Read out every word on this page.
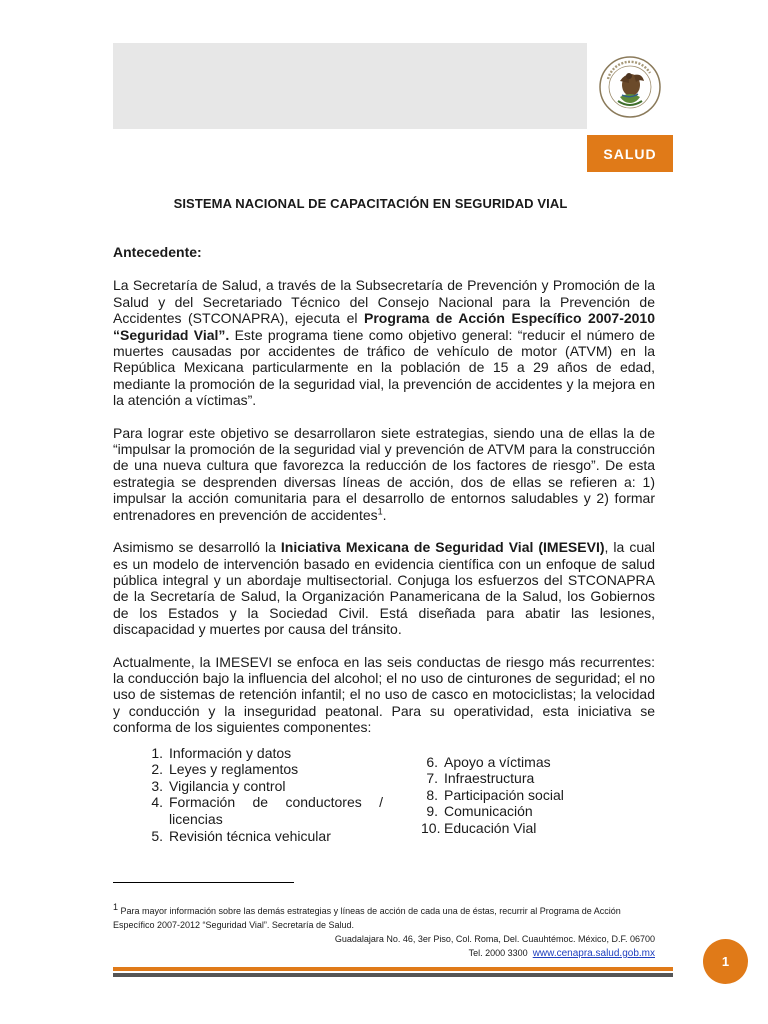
SALUD
SISTEMA NACIONAL DE CAPACITACIÓN EN SEGURIDAD VIAL
Antecedente:

La Secretaría de Salud, a través de la Subsecretaría de Prevención y Promoción de la Salud y del Secretariado Técnico del Consejo Nacional para la Prevención de Accidentes (STCONAPRA), ejecuta el Programa de Acción Específico 2007-2010 “Seguridad Vial”. Este programa tiene como objetivo general: “reducir el número de muertes causadas por accidentes de tráfico de vehículo de motor (ATVM) en la República Mexicana particularmente en la población de 15 a 29 años de edad, mediante la promoción de la seguridad vial, la prevención de accidentes y la mejora en la atención a víctimas”.

Para lograr este objetivo se desarrollaron siete estrategias, siendo una de ellas la de “impulsar la promoción de la seguridad vial y prevención de ATVM para la construcción de una nueva cultura que favorezca la reducción de los factores de riesgo”. De esta estrategia se desprenden diversas líneas de acción, dos de ellas se refieren a: 1) impulsar la acción comunitaria para el desarrollo de entornos saludables y 2) formar entrenadores en prevención de accidentes$^1$.

Asimismo se desarrolló la Iniciativa Mexicana de Seguridad Vial (IMESEVI), la cual es un modelo de intervención basado en evidencia científica con un enfoque de salud pública integral y un abordaje multisectorial. Conjuga los esfuerzos del STCONAPRA de la Secretaría de Salud, la Organización Panamericana de la Salud, los Gobiernos de los Estados y la Sociedad Civil. Está diseñada para abatir las lesiones, discapacidad y muertes por causa del tránsito.

Actualmente, la IMESEVI se enfoca en las seis conductas de riesgo más recurrentes: la conducción bajo la influencia del alcohol; el no uso de cinturones de seguridad; el no uso de sistemas de retención infantil; el no uso de casco en motociclistas; la velocidad y conducción y la inseguridad peatonal. Para su operatividad, esta iniciativa se conforma de los siguientes componentes:

1. Información y datos
2. Leyes y reglamentos
3. Vigilancia y control
4. Formación de conductores /
licencias
5. Revisión técnica vehicular
6. Apoyo a víctimas
7. Infraestructura
8. Participación social
9. Comunicación
10. Educación Vial
$^1$ Para mayor información sobre las demás estrategias y líneas de acción de cada una de éstas, recurrir al Programa de Acción Específico 2007-2012 “Seguridad Vial”. Secretaría de Salud.
Guadalajara No. 46, 3er Piso, Col. Roma, Del. Cuauhtémoc. México, D.F. 06700
Tel. 2000 3300 www.cenapra.salud.gob.mx
1
